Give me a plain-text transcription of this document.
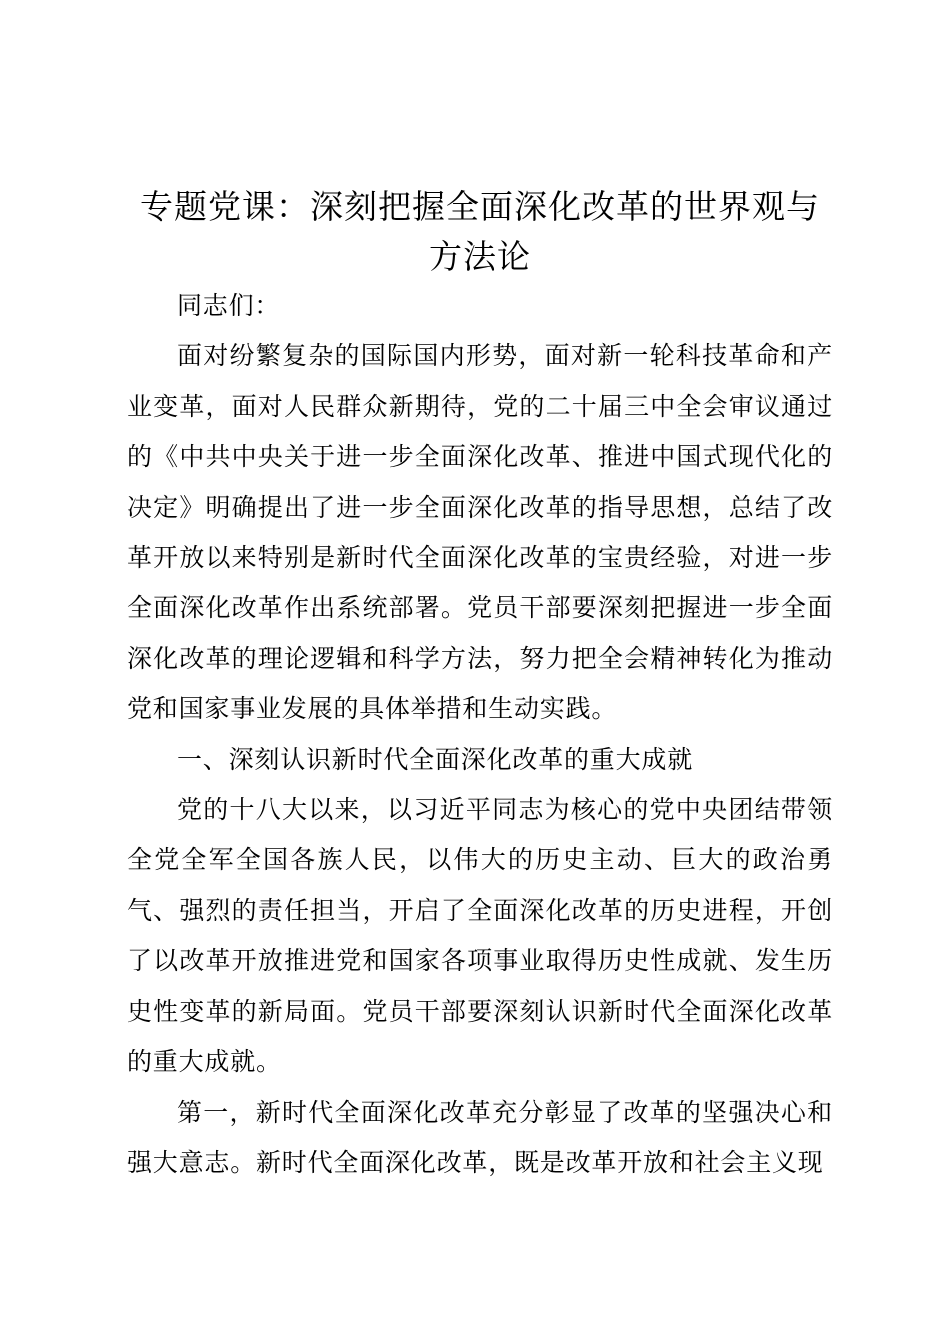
专题党课：深刻把握全面深化改革的世界观与
方法论

同志们：

面对纷繁复杂的国际国内形势，面对新一轮科技革命和产业变革，面对人民群众新期待，党的二十届三中全会审议通过的《中共中央关于进一步全面深化改革、推进中国式现代化的决定》明确提出了进一步全面深化改革的指导思想，总结了改革开放以来特别是新时代全面深化改革的宝贵经验，对进一步全面深化改革作出系统部署。党员干部要深刻把握进一步全面深化改革的理论逻辑和科学方法，努力把全会精神转化为推动党和国家事业发展的具体举措和生动实践。

一、深刻认识新时代全面深化改革的重大成就

党的十八大以来，以习近平同志为核心的党中央团结带领全党全军全国各族人民，以伟大的历史主动、巨大的政治勇气、强烈的责任担当，开启了全面深化改革的历史进程，开创了以改革开放推进党和国家各项事业取得历史性成就、发生历史性变革的新局面。党员干部要深刻认识新时代全面深化改革的重大成就。

第一，新时代全面深化改革充分彰显了改革的坚强决心和强大意志。新时代全面深化改革，既是改革开放和社会主义现
